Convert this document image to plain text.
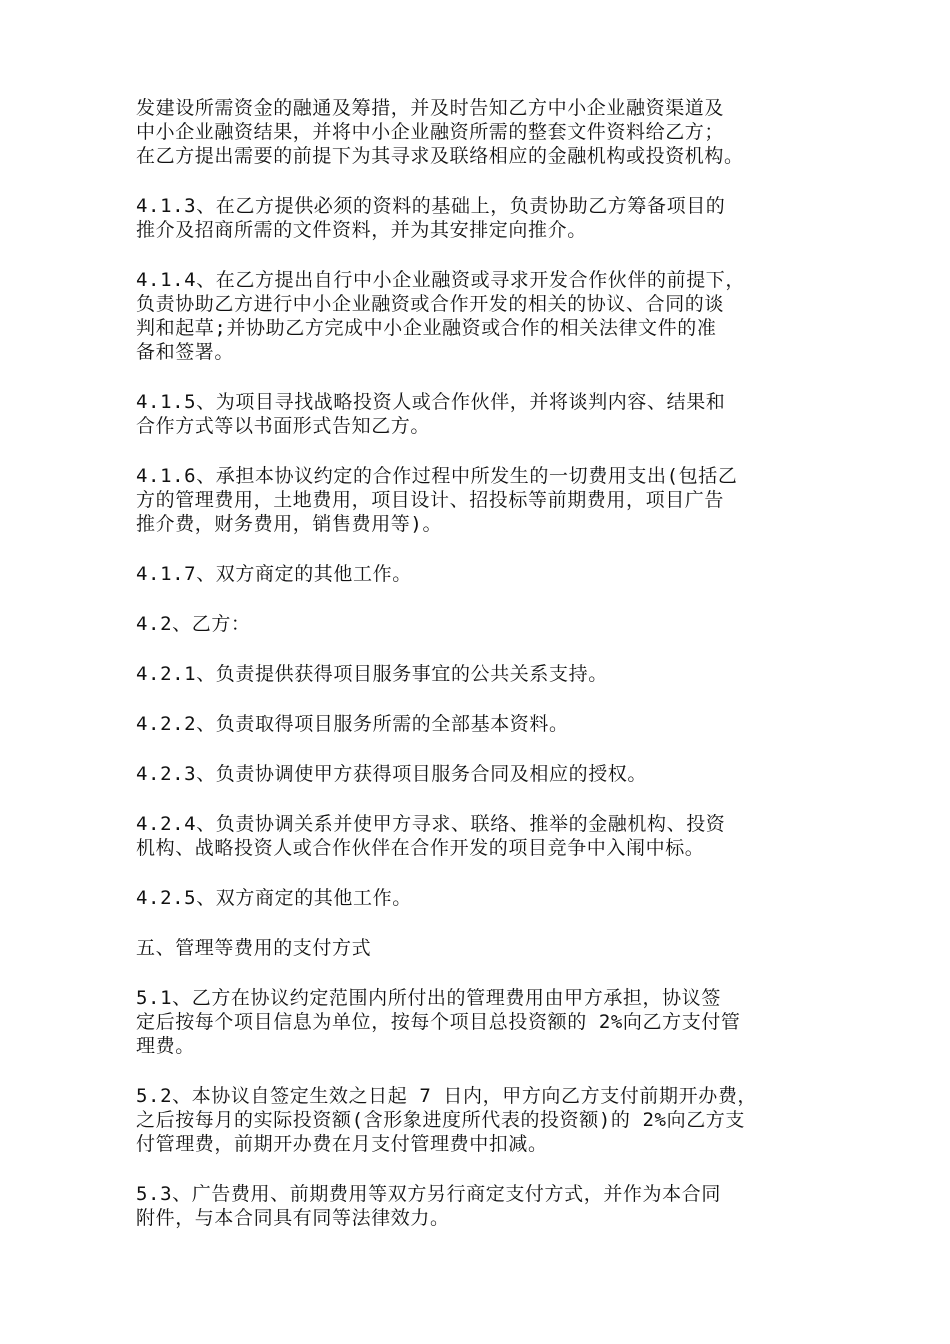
发建设所需资金的融通及筹措，并及时告知乙方中小企业融资渠道及
中小企业融资结果，并将中小企业融资所需的整套文件资料给乙方；
在乙方提出需要的前提下为其寻求及联络相应的金融机构或投资机构。

4.1.3、在乙方提供必须的资料的基础上，负责协助乙方筹备项目的
推介及招商所需的文件资料，并为其安排定向推介。

4.1.4、在乙方提出自行中小企业融资或寻求开发合作伙伴的前提下，
负责协助乙方进行中小企业融资或合作开发的相关的协议、合同的谈
判和起草;并协助乙方完成中小企业融资或合作的相关法律文件的准
备和签署。

4.1.5、为项目寻找战略投资人或合作伙伴，并将谈判内容、结果和
合作方式等以书面形式告知乙方。

4.1.6、承担本协议约定的合作过程中所发生的一切费用支出(包括乙
方的管理费用，土地费用，项目设计、招投标等前期费用，项目广告
推介费，财务费用，销售费用等)。

4.1.7、双方商定的其他工作。

4.2、乙方：

4.2.1、负责提供获得项目服务事宜的公共关系支持。

4.2.2、负责取得项目服务所需的全部基本资料。

4.2.3、负责协调使甲方获得项目服务合同及相应的授权。

4.2.4、负责协调关系并使甲方寻求、联络、推举的金融机构、投资
机构、战略投资人或合作伙伴在合作开发的项目竞争中入闱中标。

4.2.5、双方商定的其他工作。

五、管理等费用的支付方式

5.1、乙方在协议约定范围内所付出的管理费用由甲方承担，协议签
定后按每个项目信息为单位，按每个项目总投资额的 2%向乙方支付管
理费。

5.2、本协议自签定生效之日起 7 日内，甲方向乙方支付前期开办费，
之后按每月的实际投资额(含形象进度所代表的投资额)的 2%向乙方支
付管理费，前期开办费在月支付管理费中扣减。

5.3、广告费用、前期费用等双方另行商定支付方式，并作为本合同
附件，与本合同具有同等法律效力。
